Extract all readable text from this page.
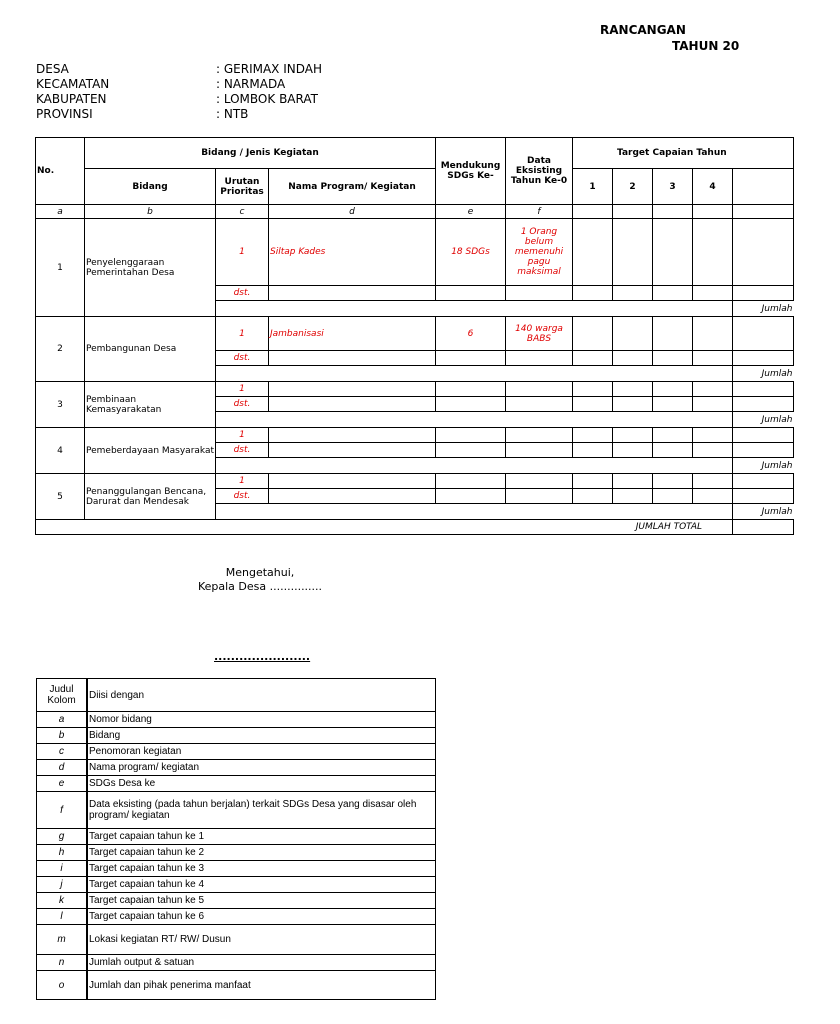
RANCANGAN
TAHUN 20
DESA	: GERIMAX INDAH
KECAMATAN	: NARMADA
KABUPATEN	: LOMBOK BARAT
PROVINSI	: NTB
No.	Bidang / Jenis Kegiatan			Mendukung SDGs Ke-	Data Eksisting Tahun Ke-0	Target Capaian Tahun				
	Bidang	Urutan Prioritas	Nama Program/ Kegiatan			1	2	3	4	
a	b	c	d	e	f					
1	Penyelenggaraan Pemerintahan Desa	1	Siltap Kades	18 SDGs	1 Orang belum memenuhi pagu maksimal					
		dst.								
										Jumlah
2	Pembangunan Desa	1	Jambanisasi	6	140 warga BABS					
		dst.								
										Jumlah
3	Pembinaan Kemasyarakatan	1								
		dst.								
										Jumlah
4	Pemeberdayaan Masyarakat	1								
		dst.								
										Jumlah
5	Penanggulangan Bencana, Darurat dan Mendesak	1								
		dst.								
										Jumlah
						JUMLAH TOTAL				
Mengetahui,
Kepala Desa ...............
.......................
Judul Kolom	Diisi dengan
a	Nomor bidang
b	Bidang
c	Penomoran kegiatan
d	Nama program/ kegiatan
e	SDGs Desa ke
f	Data eksisting (pada tahun berjalan) terkait SDGs Desa yang disasar oleh program/ kegiatan
g	Target capaian tahun ke 1
h	Target capaian tahun ke 2
i	Target capaian tahun ke 3
j	Target capaian tahun ke 4
k	Target capaian tahun ke 5
l	Target capaian tahun ke 6
m	Lokasi kegiatan RT/ RW/ Dusun
n	Jumlah output & satuan
o	Jumlah dan pihak penerima manfaat
